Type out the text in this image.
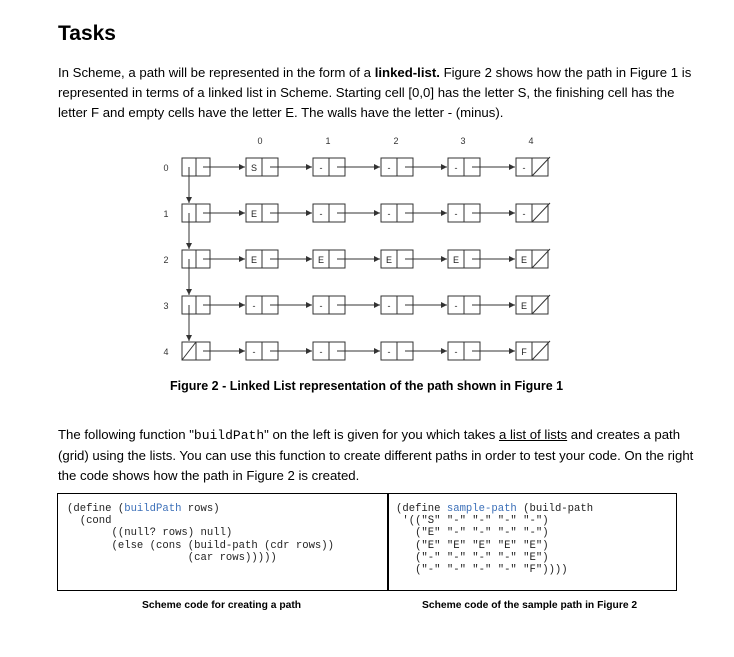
Tasks

In Scheme, a path will be represented in the form of a linked-list. Figure 2 shows how the path in Figure 1 is represented in terms of a linked list in Scheme. Starting cell [0,0] has the letter S, the finishing cell has the letter F and empty cells have the letter E. The walls have the letter - (minus).

0	1	2	3	4
0
1
2
3
4
S	-	-	-	-
E	-	-	-	-
E	E	E	E	E
-	-	-	-	E
-	-	-	-	F
Figure 2 - Linked List representation of the path shown in Figure 1

The following function "buildPath" on the left is given for you which takes a list of lists and creates a path (grid) using the lists. You can use this function to create different paths in order to test your code. On the right the code shows how the path in Figure 2 is created.

(define (buildPath rows)
(cond
((null? rows) null)
(else (cons (build-path (cdr rows))
(car rows)))))
(define sample-path (build-path
'(("S" "-" "-" "-" "-")
("E" "-" "-" "-" "-")
("E" "E" "E" "E" "E")
("-" "-" "-" "-" "E")
("-" "-" "-" "-" "F"))))
Scheme code for creating a path	Scheme code of the sample path in Figure 2
